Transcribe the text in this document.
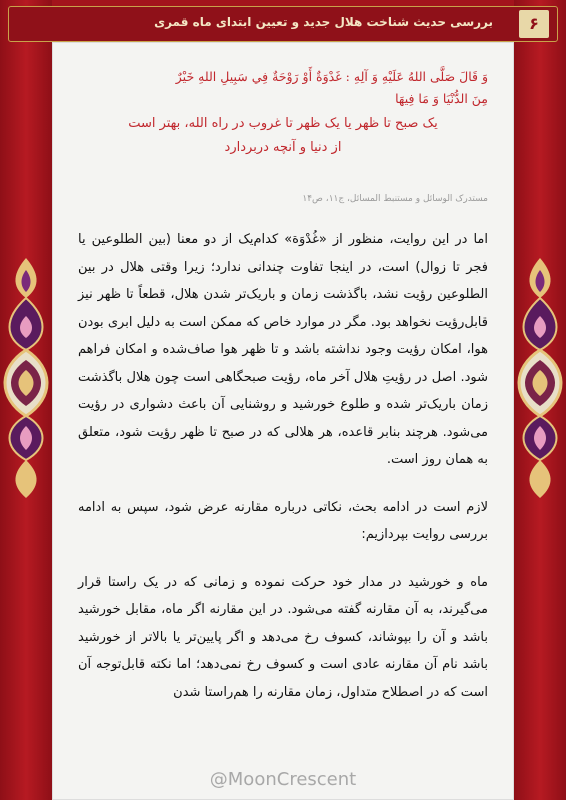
بررسی حدیث شناخت هلال جدید و تعیین ابتدای ماه قمری	۶

وَ قَالَ صَلَّى اللهُ عَلَيْهِ وَ آلِهِ : غَدْوَةٌ أَوْ رَوْحَةٌ فِي سَبِيلِ اللهِ خَيْرٌ

مِنَ الدُّنْيَا وَ مَا فِيهَا

یک صبح تا ظهر یا یک ظهر تا غروب در راه الله، بهتر است

از دنیا و آنچه دربردارد

مستدرک الوسائل و مستنبط المسائل، ج۱۱، ص۱۴

اما در این روایت، منظور از «غُدْوَة» کدام‌یک از دو معنا (بین الطلوعین یا فجر تا زوال) است، در اینجا تفاوت چندانی ندارد؛ زیرا وقتی هلال در بین الطلوعین رؤیت نشد، باگذشت زمان و باریک‌تر شدن هلال، قطعاً تا ظهر نیز قابل‌رؤیت نخواهد بود. مگر در موارد خاص که ممکن است به دلیل ابری بودن هوا، امکان رؤیت وجود نداشته باشد و تا ظهر هوا صاف‌شده و امکان فراهم شود. اصل در رؤیتِ هلال آخر ماه، رؤیت صبحگاهی است چون هلال باگذشت زمان باریک‌تر شده و طلوع خورشید و روشنایی آن باعث دشواری در رؤیت می‌شود. هرچند بنابر قاعده، هر هلالی که در صبح تا ظهر رؤیت شود، متعلق به همان روز است.

لازم است در ادامه بحث، نکاتی درباره مقارنه عرض شود، سپس به ادامه بررسی روایت بپردازیم:

ماه و خورشید در مدار خود حرکت نموده و زمانی که در یک راستا قرار می‌گیرند، به آن مقارنه گفته می‌شود. در این مقارنه اگر ماه، مقابل خورشید باشد و آن را بپوشاند، کسوف رخ می‌دهد و اگر پایین‌تر یا بالاتر از خورشید باشد نام آن مقارنه عادی است و کسوف رخ نمی‌دهد؛ اما نکته قابل‌توجه آن است که در اصطلاح متداول، زمان مقارنه را هم‌راستا شدن

@MoonCrescent
